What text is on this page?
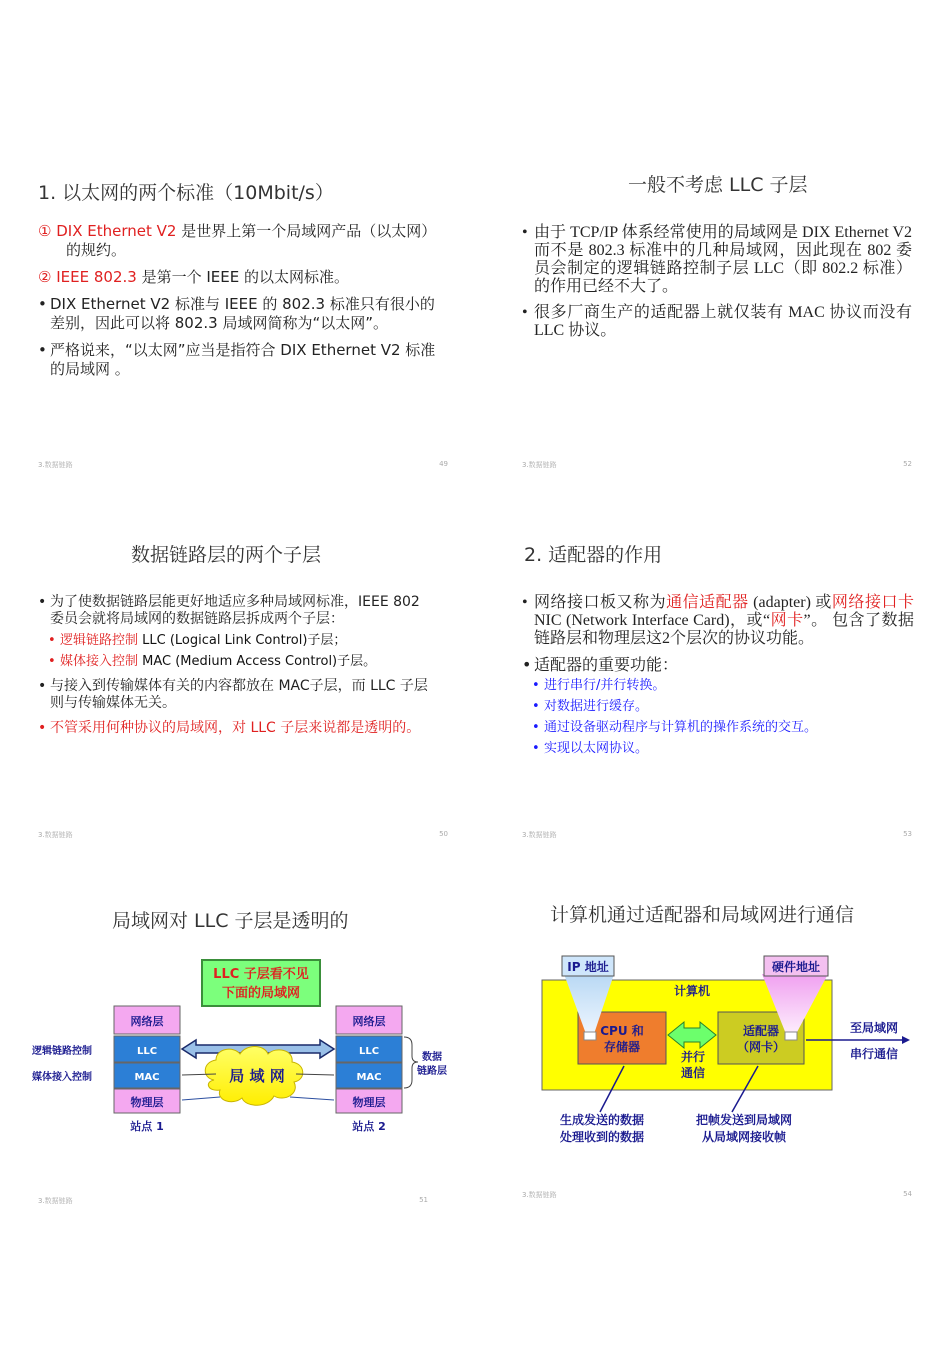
1. 以太网的两个标准（10Mbit/s）
① DIX Ethernet V2 是世界上第一个局域网产品（以太网）的规约。
② IEEE 802.3 是第一个 IEEE 的以太网标准。
• DIX Ethernet V2 标准与 IEEE 的 802.3 标准只有很小的差别，因此可以将 802.3 局域网简称为“以太网”。
• 严格说来，“以太网”应当是指符合 DIX Ethernet V2 标准的局域网 。
3.数据链路	49
一般不考虑 LLC 子层
• 由于 TCP/IP 体系经常使用的局域网是 DIX Ethernet V2 而不是 802.3 标准中的几种局域网，因此现在 802 委员会制定的逻辑链路控制子层 LLC（即 802.2 标准）的作用已经不大了。
• 很多厂商生产的适配器上就仅装有 MAC 协议而没有 LLC 协议。
3.数据链路	52
数据链路层的两个子层
• 为了使数据链路层能更好地适应多种局域网标准，IEEE 802 委员会就将局域网的数据链路层拆成两个子层：
• 逻辑链路控制 LLC (Logical Link Control)子层；
• 媒体接入控制 MAC (Medium Access Control)子层。
• 与接入到传输媒体有关的内容都放在 MAC子层，而 LLC 子层则与传输媒体无关。
• 不管采用何种协议的局域网，对 LLC 子层来说都是透明的。
3.数据链路	50
2. 适配器的作用
• 网络接口板又称为通信适配器 (adapter) 或网络接口卡 NIC (Network Interface Card)，或“网卡”。 包含了数据链路层和物理层这2个层次的协议功能。
• 适配器的重要功能：
• 进行串行/并行转换。
• 对数据进行缓存。
• 通过设备驱动程序与计算机的操作系统的交互。
• 实现以太网协议。
3.数据链路	53
局域网对 LLC 子层是透明的
LLC 子层看不见
下面的局域网
网络层
LLC
MAC
物理层
站点 1
网络层
LLC
MAC
物理层
站点 2
局 域 网
逻辑链路控制
媒体接入控制
数据
链路层
3.数据链路	51
计算机通过适配器和局域网进行通信
计算机
CPU 和
存储器
适配器
（网卡）
并行
通信
IP 地址	硬件地址
至局域网
串行通信
生成发送的数据
处理收到的数据
把帧发送到局域网
从局域网接收帧
3.数据链路	54
